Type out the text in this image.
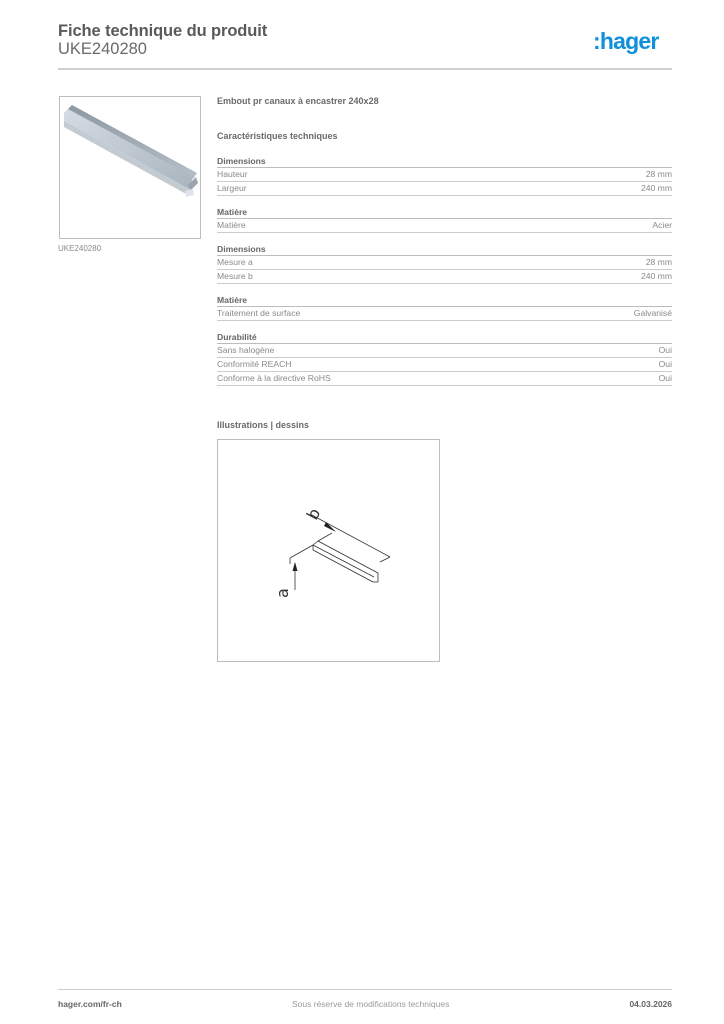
Fiche technique du produit
UKE240280	:hager
UKE240280
Embout pr canaux à encastrer 240x28
Caractéristiques techniques
Dimensions
Hauteur	28 mm
Largeur	240 mm
Matière
Matière	Acier
Dimensions
Mesure a	28 mm
Mesure b	240 mm
Matière
Traitement de surface	Galvanisé
Durabilité
Sans halogène	Oui
Conformité REACH	Oui
Conforme à la directive RoHS	Oui
Illustrations | dessins
b
a
hager.com/fr-ch	Sous réserve de modifications techniques	04.03.2026
